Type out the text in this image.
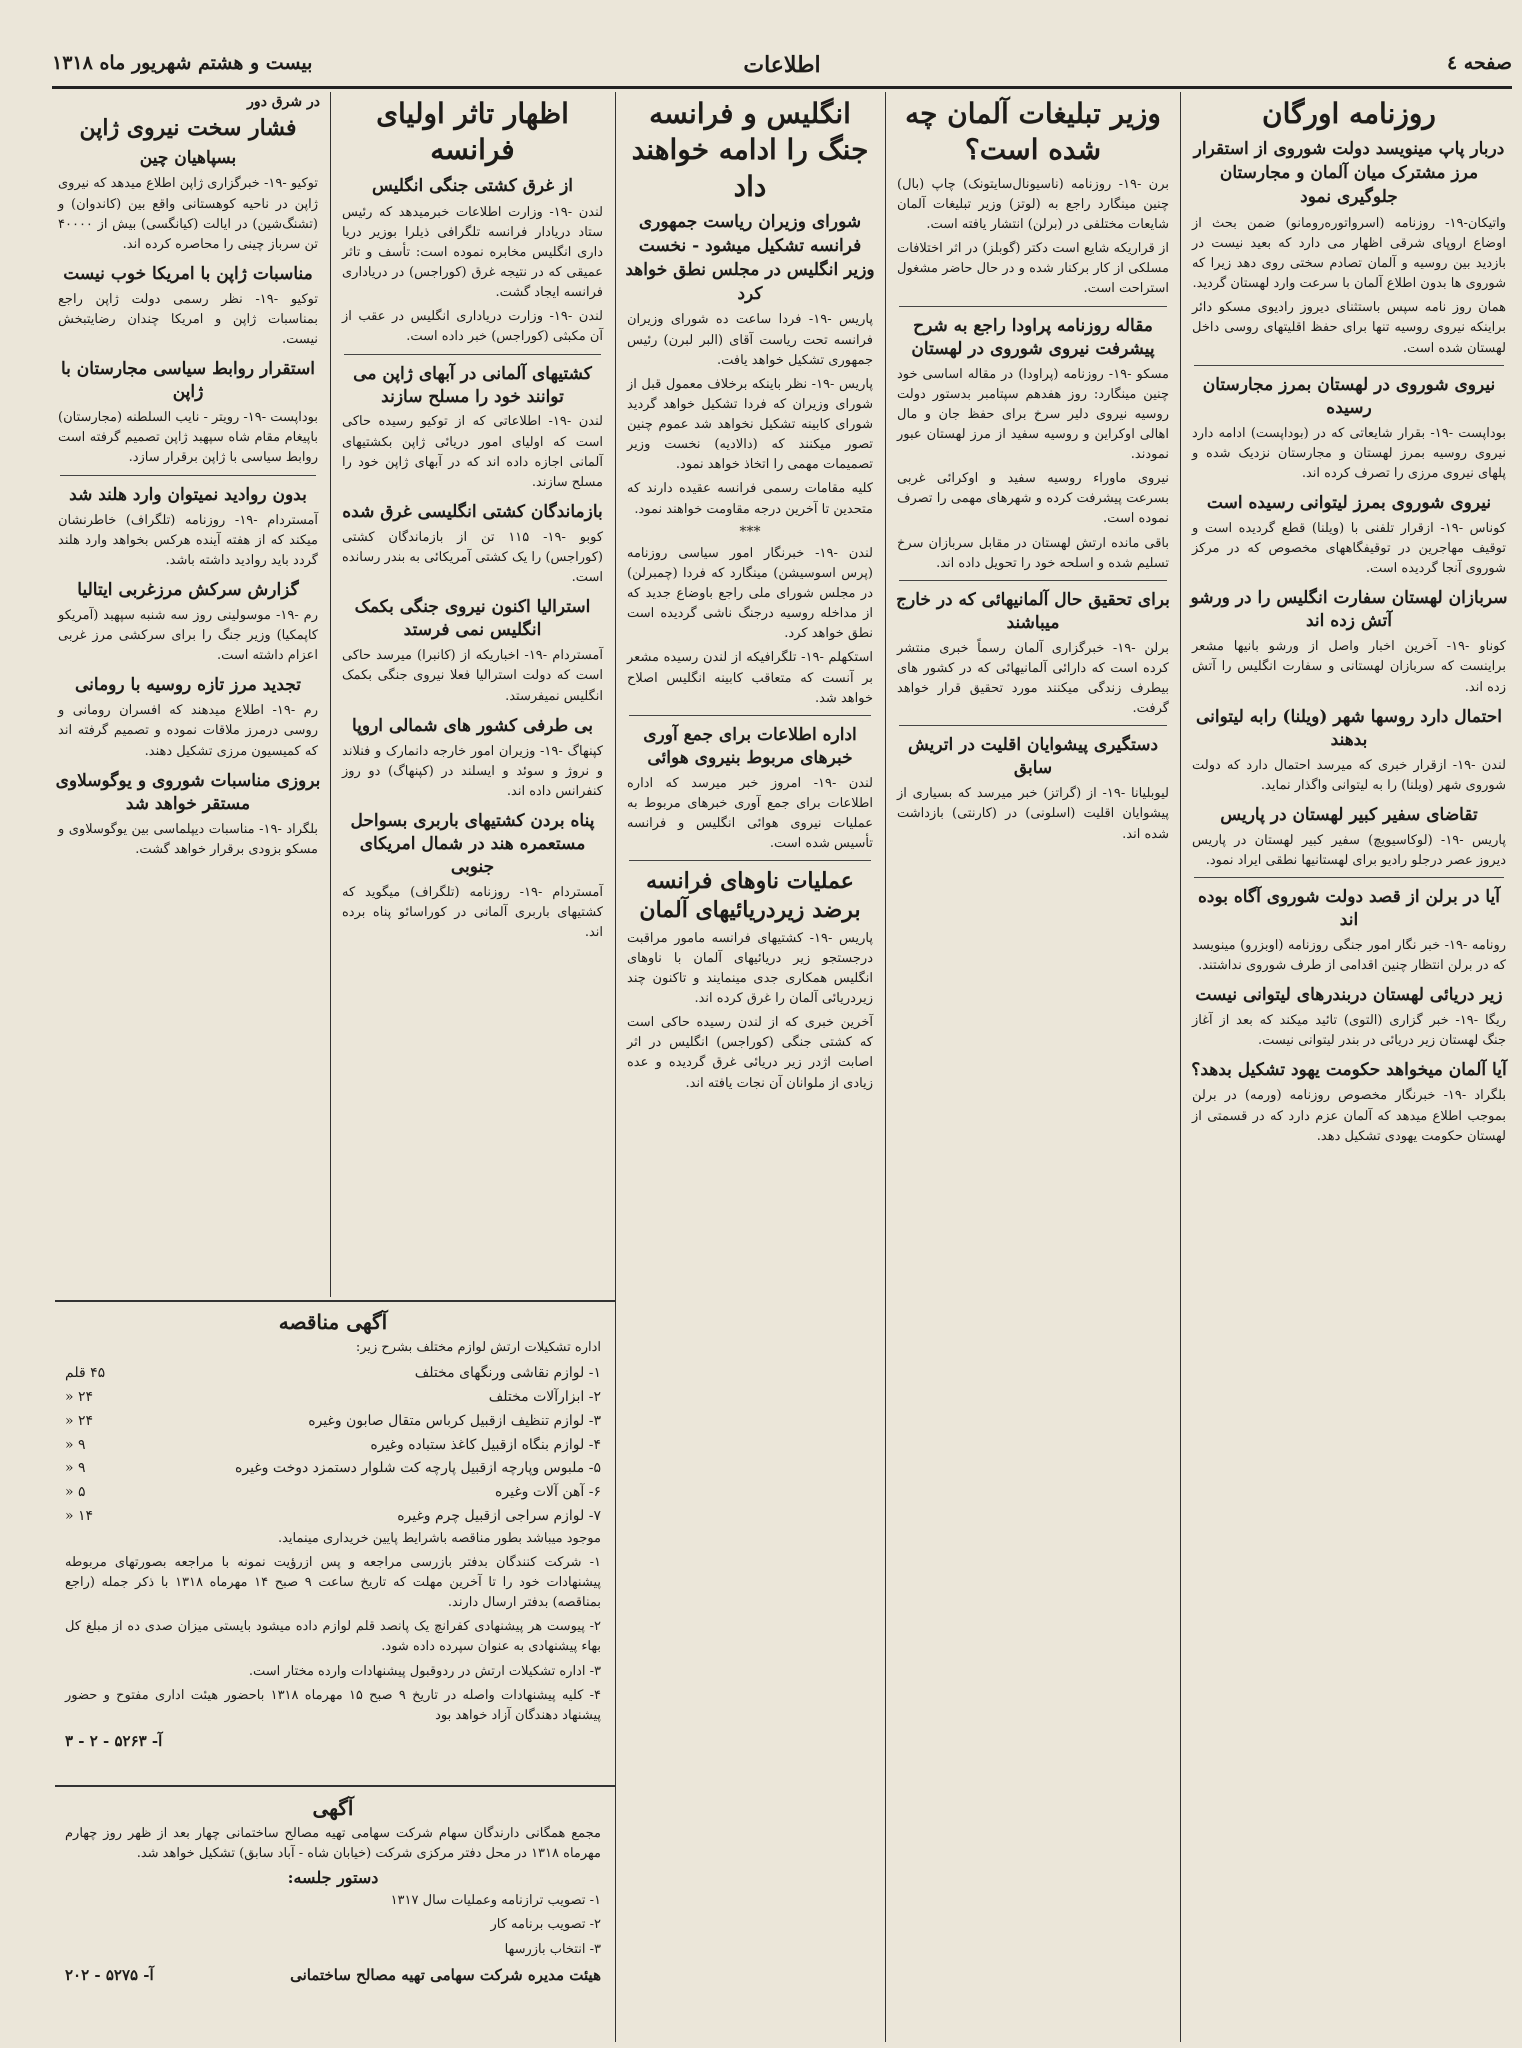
صفحه ٤
اطلاعات
بیست و هشتم شهریور ماه ۱۳۱۸
روزنامه اورگان
دربار پاپ مینویسد دولت شوروی از استقرار مرز مشترک میان آلمان و مجارستان جلوگیری نمود

واتیکان-۱۹- روزنامه (اسرواتوره‌رومانو) ضمن بحث از اوضاع اروپای شرقی اظهار می دارد که بعید نیست در بازدید بین روسیه و آلمان تصادم سختی روی دهد زیرا که شوروی ها بدون اطلاع آلمان با سرعت وارد لهستان گردید.

همان روز نامه سپس باستثنای دیروز رادیوی مسکو دائر براینکه نیروی روسیه تنها برای حفظ اقلیتهای روسی داخل لهستان شده است.

نیروی شوروی در لهستان بمرز مجارستان رسیده

بوداپست -۱۹- بقرار شایعاتی که در (بوداپست) ادامه دارد نیروی روسیه بمرز لهستان و مجارستان نزدیک شده و پلهای نیروی مرزی را تصرف کرده اند.

نیروی شوروی بمرز لیتوانی رسیده است

کوناس -۱۹- ازقرار تلفنی با (ویلنا) قطع گردیده است و توقیف مهاجرین در توقیفگاههای مخصوص که در مرکز شوروی آنجا گردیده است.

سربازان لهستان سفارت انگلیس را در ورشو آتش زده اند

کوناو -۱۹- آخرین اخبار واصل از ورشو بانیها مشعر براینست که سربازان لهستانی و سفارت انگلیس را آتش زده اند.

احتمال دارد روسها شهر (ویلنا) رابه لیتوانی بدهند

لندن -۱۹- ازقرار خبری که میرسد احتمال دارد که دولت شوروی شهر (ویلنا) را به لیتوانی واگذار نماید.

تقاضای سفیر کبیر لهستان در پاریس

پاریس -۱۹- (لوکاسیویچ) سفیر کبیر لهستان در پاریس دیروز عصر درجلو رادیو برای لهستانیها نطقی ایراد نمود.

آیا در برلن از قصد دولت شوروی آگاه بوده اند

رونامه -۱۹- خبر نگار امور جنگی روزنامه (اوبزرو) مینویسد که در برلن انتظار چنین اقدامی از طرف شوروی نداشتند.

زیر دریائی لهستان دربندرهای لیتوانی نیست

ریگا -۱۹- خبر گزاری (التوی) تائید میکند که بعد از آغاز جنگ لهستان زیر دریائی در بندر لیتوانی نیست.

آیا آلمان میخواهد حکومت یهود تشکیل بدهد؟

بلگراد -۱۹- خبرنگار مخصوص روزنامه (ورمه) در برلن بموجب اطلاع میدهد که آلمان عزم دارد که در قسمتی از لهستان حکومت یهودی تشکیل دهد.

وزیر تبلیغات آلمان چه شده است؟

برن -۱۹- روزنامه (ناسیونال‌سایتونک) چاپ (بال) چنین مینگارد راجع به (لوتز) وزیر تبلیغات آلمان شایعات مختلفی در (برلن) انتشار یافته است.

از قراریکه شایع است دکتر (گوبلز) در اثر اختلافات مسلکی از کار برکنار شده و در حال حاضر مشغول استراحت است.

مقاله روزنامه پراودا راجع به شرح پیشرفت نیروی شوروی در لهستان

مسکو -۱۹- روزنامه (پراودا) در مقاله اساسی خود چنین مینگارد: روز هفدهم سپتامبر بدستور دولت روسیه نیروی دلیر سرخ برای حفظ جان و مال اهالی اوکراین و روسیه سفید از مرز لهستان عبور نمودند.

نیروی ماوراء روسیه سفید و اوکرائی غربی بسرعت پیشرفت کرده و شهرهای مهمی را تصرف نموده است.

باقی مانده ارتش لهستان در مقابل سربازان سرخ تسلیم شده و اسلحه خود را تحویل داده اند.

برای تحقیق حال آلمانیهائی که در خارج میباشند

برلن -۱۹- خبرگزاری آلمان رسماً خبری منتشر کرده است که دارائی آلمانیهائی که در کشور های بیطرف زندگی میکنند مورد تحقیق قرار خواهد گرفت.

دستگیری پیشوایان اقلیت در اتریش سابق

لیوبلیانا -۱۹- از (گراتز) خبر میرسد که بسیاری از پیشوایان اقلیت (اسلونی) در (کارنتی) بازداشت شده اند.

انگلیس و فرانسه جنگ را ادامه خواهند داد
شورای وزیران ریاست جمهوری فرانسه تشکیل میشود - نخست وزیر انگلیس در مجلس نطق خواهد کرد

پاریس -۱۹- فردا ساعت ده شورای وزیران فرانسه تحت ریاست آقای (البر لبرن) رئیس جمهوری تشکیل خواهد یافت.

پاریس -۱۹- نظر باینکه برخلاف معمول قبل از شورای وزیران که فردا تشکیل خواهد گردید شورای کابینه تشکیل نخواهد شد عموم چنین تصور میکنند که (دالادیه) نخست وزیر تصمیمات مهمی را اتخاذ خواهد نمود.

کلیه مقامات رسمی فرانسه عقیده دارند که متحدین تا آخرین درجه مقاومت خواهند نمود.

***

لندن -۱۹- خبرنگار امور سیاسی روزنامه (پرس اسوسیشن) مینگارد که فردا (چمبرلن) در مجلس شورای ملی راجع باوضاع جدید که از مداخله روسیه درجنگ ناشی گردیده است نطق خواهد کرد.

استکهلم -۱۹- تلگرافیکه از لندن رسیده مشعر بر آنست که متعاقب کابینه انگلیس اصلاح خواهد شد.

اداره اطلاعات برای جمع آوری خبرهای مربوط بنیروی هوائی

لندن -۱۹- امروز خبر میرسد که اداره اطلاعات برای جمع آوری خبرهای مربوط به عملیات نیروی هوائی انگلیس و فرانسه تأسیس شده است.

عملیات ناوهای فرانسه برضد زیردریائیهای آلمان

پاریس -۱۹- کشتیهای فرانسه مامور مراقبت درجستجو زیر دریائیهای آلمان با ناوهای انگلیس همکاری جدی مینمایند و تاکنون چند زیردریائی آلمان را غرق کرده اند.

آخرین خبری که از لندن رسیده حاکی است که کشتی جنگی (کوراجس) انگلیس در اثر اصابت اژدر زیر دریائی غرق گردیده و عده زیادی از ملوانان آن نجات یافته اند.

اظهار تاثر اولیای فرانسه
از غرق کشتی جنگی انگلیس

لندن -۱۹- وزارت اطلاعات خبرمیدهد که رئیس ستاد دریادار فرانسه تلگرافی ذیلرا بوزیر دریا داری انگلیس مخابره نموده است: تأسف و تاثر عمیقی که در نتیجه غرق (کوراجس) در دریاداری فرانسه ایجاد گشت.

لندن -۱۹- وزارت دریاداری انگلیس در عقب از آن مکبثی (کوراجس) خبر داده است.

کشتیهای آلمانی در آبهای ژاپن می توانند خود را مسلح سازند

لندن -۱۹- اطلاعاتی که از توکیو رسیده حاکی است که اولیای امور دریائی ژاپن بکشتیهای آلمانی اجازه داده اند که در آبهای ژاپن خود را مسلح سازند.

بازماندگان کشتی انگلیسی غرق شده

کوبو -۱۹- ۱۱۵ تن از بازماندگان کشتی (کوراجس) را یک کشتی آمریکائی به بندر رسانده است.

استرالیا اکنون نیروی جنگی بکمک انگلیس نمی فرستد

آمستردام -۱۹- اخباریکه از (کانبرا) میرسد حاکی است که دولت استرالیا فعلا نیروی جنگی بکمک انگلیس نمیفرستد.

بی طرفی کشور های شمالی اروپا

کپنهاگ -۱۹- وزیران امور خارجه دانمارک و فنلاند و نروژ و سوئد و ایسلند در (کپنهاگ) دو روز کنفرانس داده اند.

پناه بردن کشتیهای باربری بسواحل مستعمره هند در شمال امریکای جنوبی

آمستردام -۱۹- روزنامه (تلگراف) میگوید که کشتیهای باربری آلمانی در کوراسائو پناه برده اند.

در شرق دور
فشار سخت نیروی ژاپن
بسپاهیان چین

توکیو -۱۹- خبرگزاری ژاپن اطلاع میدهد که نیروی ژاپن در ناحیه کوهستانی واقع بین (کاندوان) و (تشنگ‌شین) در ایالت (کیانگسی) بیش از ۴۰۰۰۰ تن سرباز چینی را محاصره کرده اند.

مناسبات ژاپن با امریکا خوب نیست

توکیو -۱۹- نظر رسمی دولت ژاپن راجع بمناسبات ژاپن و امریکا چندان رضایتبخش نیست.

استقرار روابط سیاسی مجارستان با ژاپن

بوداپست -۱۹- رویتر - نایب السلطنه (مجارستان) باپیغام مقام شاه سپهبد ژاپن تصمیم گرفته است روابط سیاسی با ژاپن برقرار سازد.

بدون رواديد نمیتوان وارد هلند شد

آمستردام -۱۹- روزنامه (تلگراف) خاطرنشان میکند که از هفته آینده هرکس بخواهد وارد هلند گردد باید روادید داشته باشد.

گزارش سرکش مرزغربی ایتالیا

رم -۱۹- موسولینی روز سه شنبه سپهبد (آمریکو کاپمکیا) وزیر جنگ را برای سرکشی مرز غربی اعزام داشته است.

تجدید مرز تازه روسیه با رومانی

رم -۱۹- اطلاع میدهند که افسران رومانی و روسی درمرز ملاقات نموده و تصمیم گرفته اند که کمیسیون مرزی تشکیل دهند.

بروزی مناسبات شوروی و یوگوسلاوی مستقر خواهد شد

بلگراد -۱۹- مناسبات دیپلماسی بین یوگوسلاوی و مسکو بزودی برقرار خواهد گشت.

آگهی مناقصه

اداره تشکیلات ارتش لوازم مختلف بشرح زیر:

۱- لوازم نقاشی ورنگهای مختلف
۴۵ قلم
۲- ابزارآلات مختلف
۲۴ «
۳- لوازم تنظیف ازقبیل کرباس متقال صابون وغیره
۲۴ «
۴- لوازم بنگاه ازقبیل کاغذ ستباده وغیره
۹ «
۵- ملبوس وپارچه ازقبیل پارچه کت شلوار دستمزد دوخت وغیره
۹ «
۶- آهن آلات وغیره
۵ «
۷- لوازم سراجی ازقبیل چرم وغیره
۱۴ «

موجود میباشد بطور مناقصه باشرایط پایین خریداری مینماید.

۱- شرکت کنندگان بدفتر بازرسی مراجعه و پس ازرؤیت نمونه با مراجعه بصورتهای مربوطه پیشنهادات خود را تا آخرین مهلت که تاریخ ساعت ۹ صبح ۱۴ مهرماه ۱۳۱۸ با ذکر جمله (راجع بمناقصه) بدفتر ارسال دارند.

۲- پیوست هر پیشنهادی کفرانچ یک پانصد قلم لوازم داده میشود بایستی میزان صدی ده از مبلغ کل بهاء پیشنهادی به عنوان سپرده داده شود.

۳- اداره تشکیلات ارتش در ردوقبول پیشنهادات وارده مختار است.

۴- کلیه پیشنهادات واصله در تاریخ ۹ صبح ۱۵ مهرماه ۱۳۱۸ باحضور هیئت اداری مفتوح و حضور پیشنهاد دهندگان آزاد خواهد بود

آ- ۵۲۶۳ - ۲ - ۳
آگهی

مجمع همگانی دارندگان سهام شرکت سهامی تهیه مصالح ساختمانی چهار بعد از ظهر روز چهارم مهرماه ۱۳۱۸ در محل دفتر مرکزی شرکت (خیابان شاه - آباد سابق) تشکیل خواهد شد.

دستور جلسه:

۱- تصویب ترازنامه وعملیات سال ۱۳۱۷

۲- تصویب برنامه کار

۳- انتخاب بازرسها

هیئت مدیره شرکت سهامی تهیه مصالح ساختمانی
آ- ۵۲۷۵ - ۲۰۲
